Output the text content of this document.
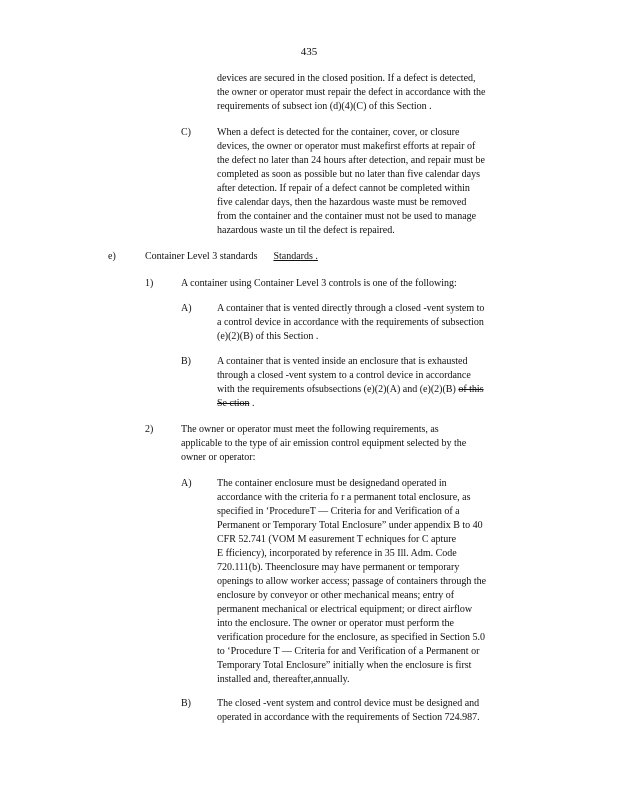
435
devices are secured in the closed position. If a defect is detected,
the owner or operator must repair the defect in accordance with the
requirements of subsect ion (d)(4)(C) of this Section .
C)	When a defect is detected for the container, cover, or closure
devices, the owner or operator must makefirst efforts at repair of
the defect no later than 24 hours after detection, and repair must be
completed as soon as possible but no later than five calendar days
after detection. If repair of a defect cannot be completed within
five calendar days, then the hazardous waste must be removed
from the container and the container must not be used to manage
hazardous waste un til the defect is repaired.
e)	Container Level 3 standards Standards .
1)	A container using Container Level 3 controls is one of the following:
A)	A container that is vented directly through a closed -vent system to
a control device in accordance with the requirements of subsection
(e)(2)(B) of this Section .
B)	A container that is vented inside an enclosure that is exhausted
through a closed -vent system to a control device in accordance
with the requirements ofsubsections (e)(2)(A) and (e)(2)(B) of this
Se ction .
2)	The owner or operator must meet the following requirements, as
applicable to the type of air emission control equipment selected by the
owner or operator:
A)	The container enclosure must be designedand operated in
accordance with the criteria fo r a permanent total enclosure, as
specified in ‘ProcedureT — Criteria for and Verification of a
Permanent or Temporary Total Enclosure” under appendix B to 40
CFR 52.741 (VOM M easurement T echniques for C apture
E fficiency), incorporated by reference in 35 Ill. Adm. Code
720.111(b). Theenclosure may have permanent or temporary
openings to allow worker access; passage of containers through the
enclosure by conveyor or other mechanical means; entry of
permanent mechanical or electrical equipment; or direct airflow
into the enclosure. The owner or operator must perform the
verification procedure for the enclosure, as specified in Section 5.0
to ‘Procedure T — Criteria for and Verification of a Permanent or
Temporary Total Enclosure” initially when the enclosure is first
installed and, thereafter,annually.
B)	The closed -vent system and control device must be designed and
operated in accordance with the requirements of Section 724.987.
